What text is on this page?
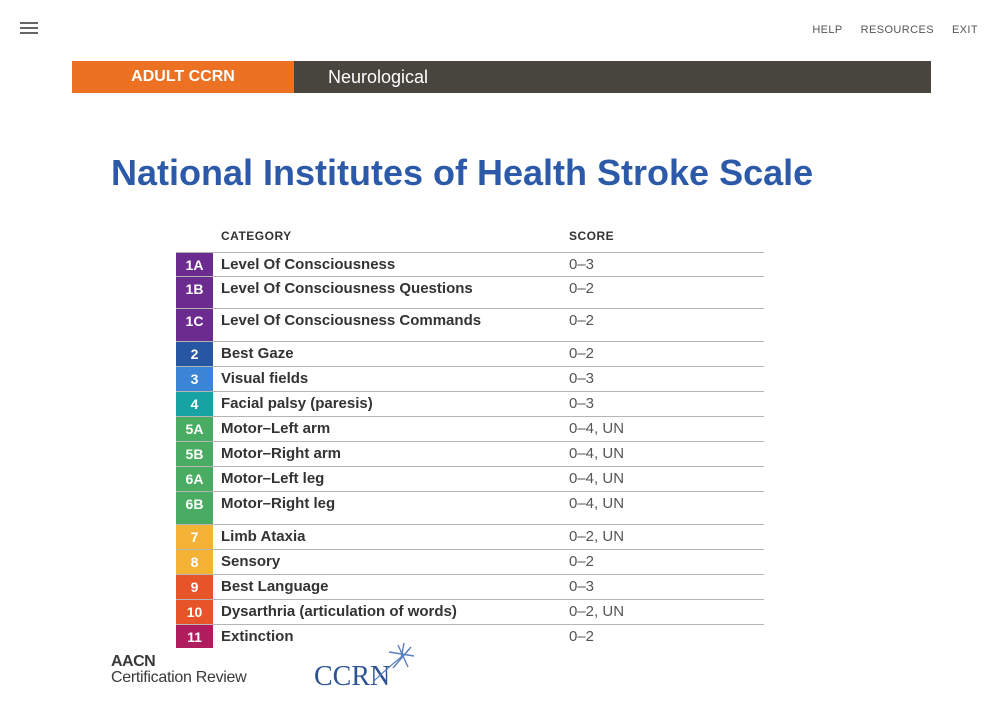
HELP RESOURCES EXIT
ADULT CCRN	Neurological
National Institutes of Health Stroke Scale
CATEGORY	SCORE
1A	Level Of Consciousness	0–3
1B	Level Of Consciousness Questions	0–2
1C	Level Of Consciousness Commands	0–2
2	Best Gaze	0–2
3	Visual fields	0–3
4	Facial palsy (paresis)	0–3
5A	Motor–Left arm	0–4, UN
5B	Motor–Right arm	0–4, UN
6A	Motor–Left leg	0–4, UN
6B	Motor–Right leg	0–4, UN
7	Limb Ataxia	0–2, UN
8	Sensory	0–2
9	Best Language	0–3
10	Dysarthria (articulation of words)	0–2, UN
11	Extinction	0–2
AACN
Certification Review CCRN
